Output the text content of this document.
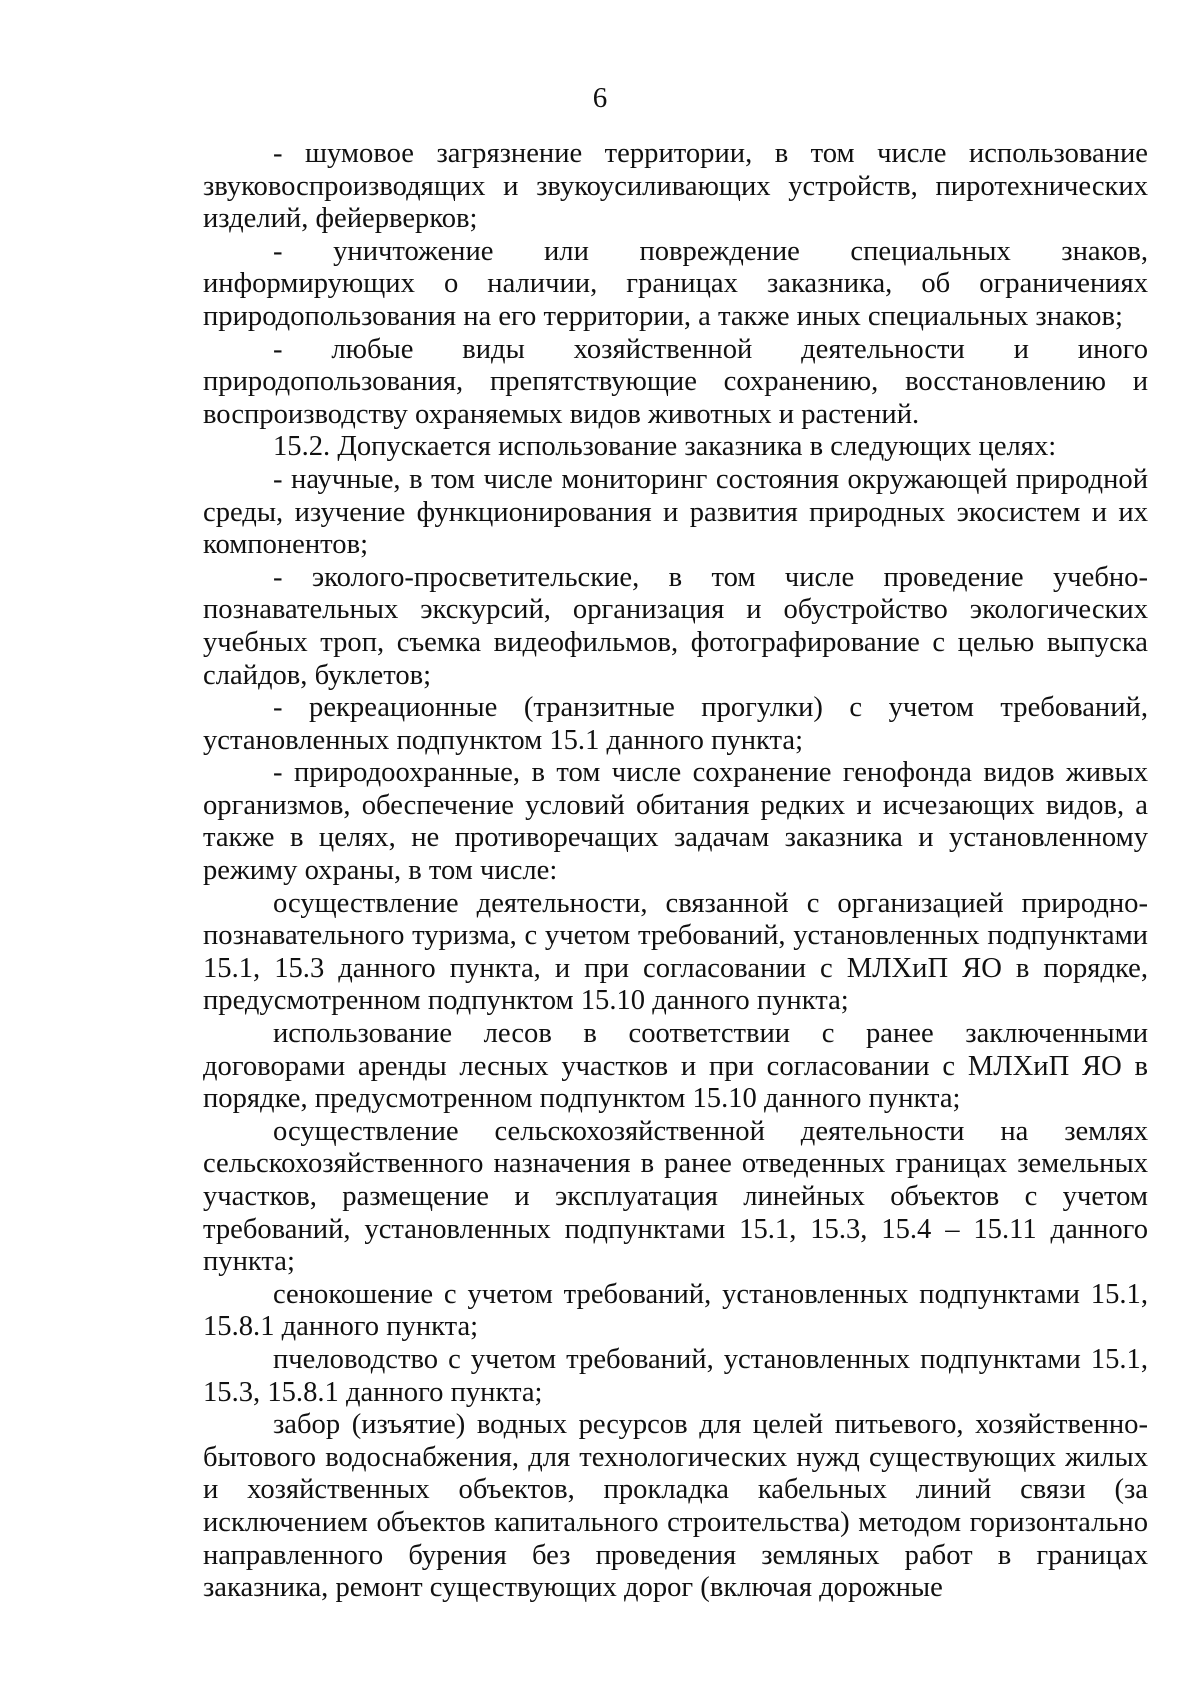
6

- шумовое загрязнение территории, в том числе использование звуковоспроизводящих и звукоусиливающих устройств, пиротехнических изделий, фейерверков;

- уничтожение или повреждение специальных знаков, информирующих о наличии, границах заказника, об ограничениях природопользования на его территории, а также иных специальных знаков;

- любые виды хозяйственной деятельности и иного природопользования, препятствующие сохранению, восстановлению и воспроизводству охраняемых видов животных и растений.

15.2. Допускается использование заказника в следующих целях:

- научные, в том числе мониторинг состояния окружающей природной среды, изучение функционирования и развития природных экосистем и их компонентов;

- эколого-просветительские, в том числе проведение учебно-познавательных экскурсий, организация и обустройство экологических учебных троп, съемка видеофильмов, фотографирование с целью выпуска слайдов, буклетов;

- рекреационные (транзитные прогулки) с учетом требований, установленных подпунктом 15.1 данного пункта;

- природоохранные, в том числе сохранение генофонда видов живых организмов, обеспечение условий обитания редких и исчезающих видов, а также в целях, не противоречащих задачам заказника и установленному режиму охраны, в том числе:

осуществление деятельности, связанной с организацией природно-познавательного туризма, с учетом требований, установленных подпунктами 15.1, 15.3 данного пункта, и при согласовании с МЛХиП ЯО в порядке, предусмотренном подпунктом 15.10 данного пункта;

использование лесов в соответствии с ранее заключенными договорами аренды лесных участков и при согласовании с МЛХиП ЯО в порядке, предусмотренном подпунктом 15.10 данного пункта;

осуществление сельскохозяйственной деятельности на землях сельскохозяйственного назначения в ранее отведенных границах земельных участков, размещение и эксплуатация линейных объектов с учетом требований, установленных подпунктами 15.1, 15.3, 15.4 – 15.11 данного пункта;

сенокошение с учетом требований, установленных подпунктами 15.1, 15.8.1 данного пункта;

пчеловодство с учетом требований, установленных подпунктами 15.1, 15.3, 15.8.1 данного пункта;

забор (изъятие) водных ресурсов для целей питьевого, хозяйственно-бытового водоснабжения, для технологических нужд существующих жилых и хозяйственных объектов, прокладка кабельных линий связи (за исключением объектов капитального строительства) методом горизонтально направленного бурения без проведения земляных работ в границах заказника, ремонт существующих дорог (включая дорожные
